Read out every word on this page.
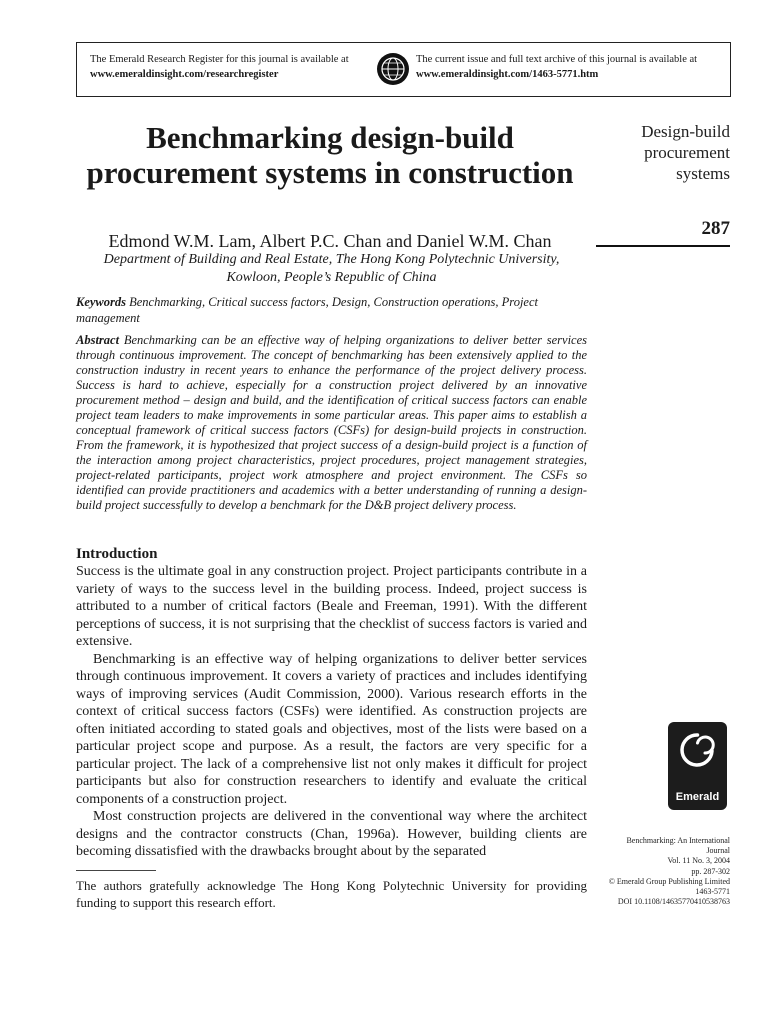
The Emerald Research Register for this journal is available at
www.emeraldinsight.com/researchregister
The current issue and full text archive of this journal is available at
www.emeraldinsight.com/1463-5771.htm
Benchmarking design-build procurement systems in construction
Edmond W.M. Lam, Albert P.C. Chan and Daniel W.M. Chan
Department of Building and Real Estate, The Hong Kong Polytechnic University, Kowloon, People’s Republic of China
Design-build procurement systems
287
Keywords Benchmarking, Critical success factors, Design, Construction operations, Project management
Abstract Benchmarking can be an effective way of helping organizations to deliver better services through continuous improvement. The concept of benchmarking has been extensively applied to the construction industry in recent years to enhance the performance of the project delivery process. Success is hard to achieve, especially for a construction project delivered by an innovative procurement method – design and build, and the identification of critical success factors can enable project team leaders to make improvements in some particular areas. This paper aims to establish a conceptual framework of critical success factors (CSFs) for design-build projects in construction. From the framework, it is hypothesized that project success of a design-build project is a function of the interaction among project characteristics, project procedures, project management strategies, project-related participants, project work atmosphere and project environment. The CSFs so identified can provide practitioners and academics with a better understanding of running a design-build project successfully to develop a benchmark for the D&B project delivery process.
Introduction

Success is the ultimate goal in any construction project. Project participants contribute in a variety of ways to the success level in the building process. Indeed, project success is attributed to a number of critical factors (Beale and Freeman, 1991). With the different perceptions of success, it is not surprising that the checklist of success factors is varied and extensive.

Benchmarking is an effective way of helping organizations to deliver better services through continuous improvement. It covers a variety of practices and includes identifying ways of improving services (Audit Commission, 2000). Various research efforts in the context of critical success factors (CSFs) were identified. As construction projects are often initiated according to stated goals and objectives, most of the lists were based on a particular project scope and purpose. As a result, the factors are very specific for a particular project. The lack of a comprehensive list not only makes it difficult for project participants but also for construction researchers to identify and evaluate the critical components of a construction project.

Most construction projects are delivered in the conventional way where the architect designs and the contractor constructs (Chan, 1996a). However, building clients are becoming dissatisfied with the drawbacks brought about by the separated

The authors gratefully acknowledge The Hong Kong Polytechnic University for providing funding to support this research effort.
Emerald
Benchmarking: An International
Journal
Vol. 11 No. 3, 2004
pp. 287-302
© Emerald Group Publishing Limited
1463-5771
DOI 10.1108/14635770410538763
